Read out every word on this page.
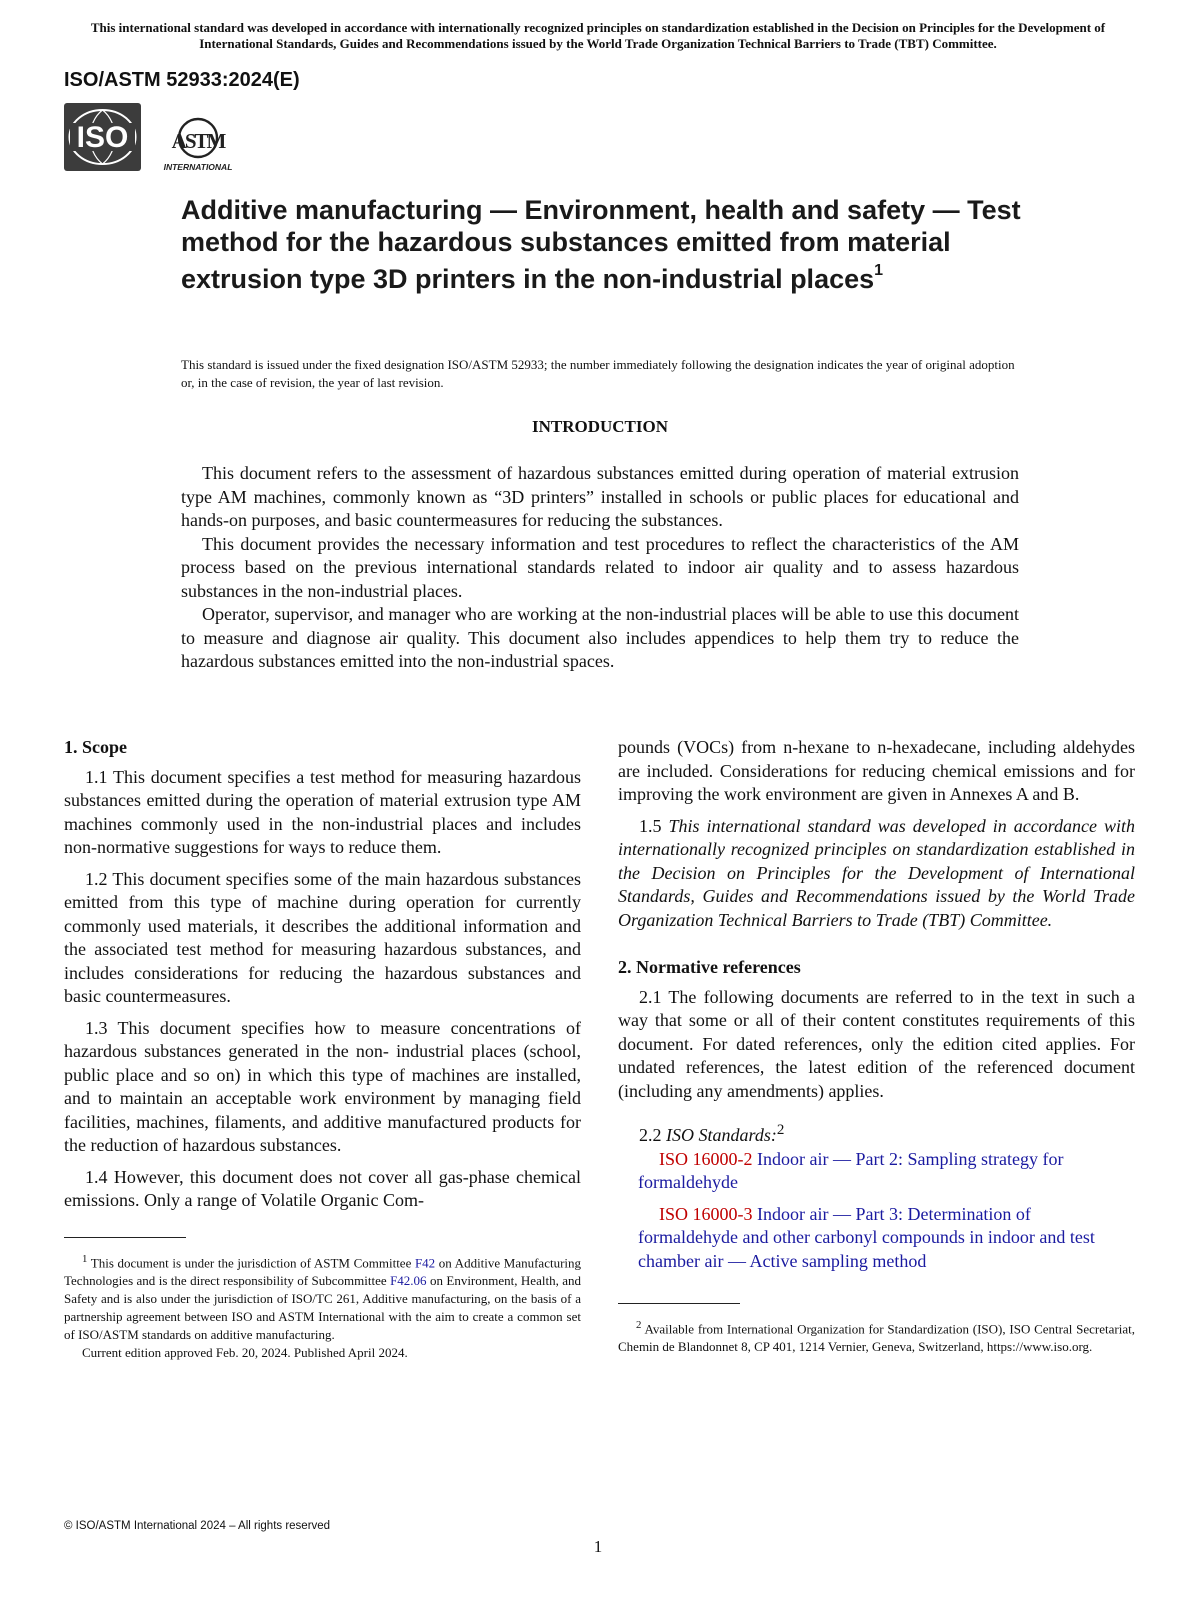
This international standard was developed in accordance with internationally recognized principles on standardization established in the Decision on Principles for the Development of International Standards, Guides and Recommendations issued by the World Trade Organization Technical Barriers to Trade (TBT) Committee.
ISO/ASTM 52933:2024(E)
ISO ASTM
INTERNATIONAL
Additive manufacturing — Environment, health and safety — Test method for the hazardous substances emitted from material extrusion type 3D printers in the non-industrial places$^1$
This standard is issued under the fixed designation ISO/ASTM 52933; the number immediately following the designation indicates the year of original adoption or, in the case of revision, the year of last revision.
INTRODUCTION

This document refers to the assessment of hazardous substances emitted during operation of material extrusion type AM machines, commonly known as “3D printers” installed in schools or public places for educational and hands-on purposes, and basic countermeasures for reducing the substances.

This document provides the necessary information and test procedures to reflect the characteristics of the AM process based on the previous international standards related to indoor air quality and to assess hazardous substances in the non-industrial places.

Operator, supervisor, and manager who are working at the non-industrial places will be able to use this document to measure and diagnose air quality. This document also includes appendices to help them try to reduce the hazardous substances emitted into the non-industrial spaces.

1. Scope

1.1 This document specifies a test method for measuring hazardous substances emitted during the operation of material extrusion type AM machines commonly used in the non-industrial places and includes non-normative suggestions for ways to reduce them.

1.2 This document specifies some of the main hazardous substances emitted from this type of machine during operation for currently commonly used materials, it describes the additional information and the associated test method for measuring hazardous substances, and includes considerations for reducing the hazardous substances and basic countermeasures.

1.3 This document specifies how to measure concentrations of hazardous substances generated in the non- industrial places (school, public place and so on) in which this type of machines are installed, and to maintain an acceptable work environment by managing field facilities, machines, filaments, and additive manufactured products for the reduction of hazardous substances.

1.4 However, this document does not cover all gas-phase chemical emissions. Only a range of Volatile Organic Com-

$^1$ This document is under the jurisdiction of ASTM Committee F42 on Additive Manufacturing Technologies and is the direct responsibility of Subcommittee F42.06 on Environment, Health, and Safety and is also under the jurisdiction of ISO/TC 261, Additive manufacturing, on the basis of a partnership agreement between ISO and ASTM International with the aim to create a common set of ISO/ASTM standards on additive manufacturing.

Current edition approved Feb. 20, 2024. Published April 2024.

pounds (VOCs) from n-hexane to n-hexadecane, including aldehydes are included. Considerations for reducing chemical emissions and for improving the work environment are given in Annexes A and B.

1.5 This international standard was developed in accordance with internationally recognized principles on standardization established in the Decision on Principles for the Development of International Standards, Guides and Recommendations issued by the World Trade Organization Technical Barriers to Trade (TBT) Committee.

2. Normative references

2.1 The following documents are referred to in the text in such a way that some or all of their content constitutes requirements of this document. For dated references, only the edition cited applies. For undated references, the latest edition of the referenced document (including any amendments) applies.

2.2 ISO Standards:$^2$

ISO 16000-2 Indoor air — Part 2: Sampling strategy for formaldehyde

ISO 16000-3 Indoor air — Part 3: Determination of formaldehyde and other carbonyl compounds in indoor and test chamber air — Active sampling method

$^2$ Available from International Organization for Standardization (ISO), ISO Central Secretariat, Chemin de Blandonnet 8, CP 401, 1214 Vernier, Geneva, Switzerland, https://www.iso.org.

© ISO/ASTM International 2024 – All rights reserved
1
